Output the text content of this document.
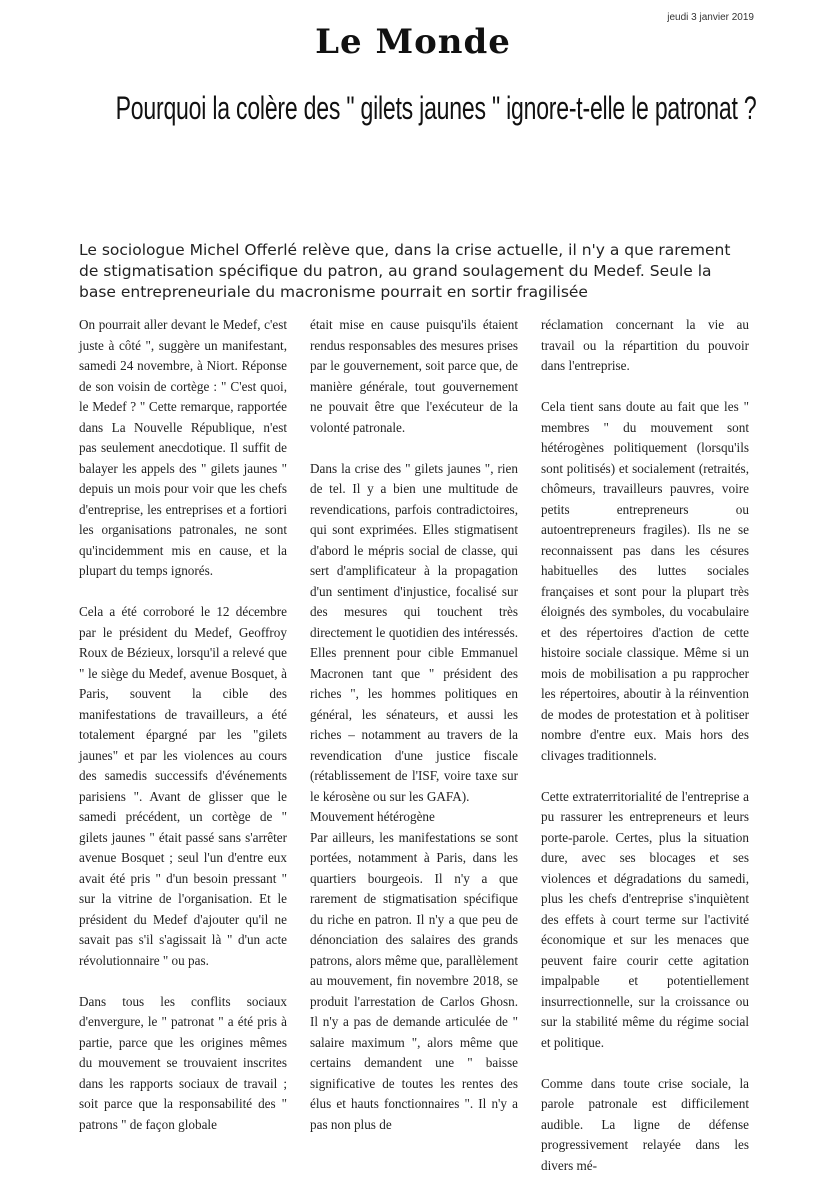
jeudi 3 janvier 2019
Le Monde
Pourquoi la colère des " gilets jaunes " ignore-t-elle le patronat ?
Le sociologue Michel Offerlé relève que, dans la crise actuelle, il n'y a que rarement de stigmatisation spécifique du patron, au grand soulagement du Medef. Seule la base entrepreneuriale du macronisme pourrait en sortir fragilisée

On pourrait aller devant le Medef, c'est juste à côté ", suggère un manifestant, samedi 24 novembre, à Niort. Réponse de son voisin de cortège : " C'est quoi, le Medef ? " Cette remarque, rapportée dans La Nouvelle République, n'est pas seulement anecdotique. Il suffit de balayer les appels des " gilets jaunes " depuis un mois pour voir que les chefs d'entreprise, les entreprises et a fortiori les organisations patronales, ne sont qu'incidemment mis en cause, et la plupart du temps ignorés.

Cela a été corroboré le 12 décembre par le président du Medef, Geoffroy Roux de Bézieux, lorsqu'il a relevé que " le siège du Medef, avenue Bosquet, à Paris, souvent la cible des manifestations de travailleurs, a été totalement épargné par les "gilets jaunes" et par les violences au cours des samedis successifs d'événements parisiens ". Avant de glisser que le samedi précédent, un cortège de " gilets jaunes " était passé sans s'arrêter avenue Bosquet ; seul l'un d'entre eux avait été pris " d'un besoin pressant " sur la vitrine de l'organisation. Et le président du Medef d'ajouter qu'il ne savait pas s'il s'agissait là " d'un acte révolutionnaire " ou pas.

Dans tous les conflits sociaux d'envergure, le " patronat " a été pris à partie, parce que les origines mêmes du mouvement se trouvaient inscrites dans les rapports sociaux de travail ; soit parce que la responsabilité des " patrons " de façon globale

était mise en cause puisqu'ils étaient rendus responsables des mesures prises par le gouvernement, soit parce que, de manière générale, tout gouvernement ne pouvait être que l'exécuteur de la volonté patronale.

Dans la crise des " gilets jaunes ", rien de tel. Il y a bien une multitude de revendications, parfois contradictoires, qui sont exprimées. Elles stigmatisent d'abord le mépris social de classe, qui sert d'amplificateur à la propagation d'un sentiment d'injustice, focalisé sur des mesures qui touchent très directement le quotidien des intéressés. Elles prennent pour cible Emmanuel Macronen tant que " président des riches ", les hommes politiques en général, les sénateurs, et aussi les riches – notamment au travers de la revendication d'une justice fiscale (rétablissement de l'ISF, voire taxe sur le kérosène ou sur les GAFA).

Mouvement hétérogène

Par ailleurs, les manifestations se sont portées, notamment à Paris, dans les quartiers bourgeois. Il n'y a que rarement de stigmatisation spécifique du riche en patron. Il n'y a que peu de dénonciation des salaires des grands patrons, alors même que, parallèlement au mouvement, fin novembre 2018, se produit l'arrestation de Carlos Ghosn. Il n'y a pas de demande articulée de " salaire maximum ", alors même que certains demandent une " baisse significative de toutes les rentes des élus et hauts fonctionnaires ". Il n'y a pas non plus de

réclamation concernant la vie au travail ou la répartition du pouvoir dans l'entreprise.

Cela tient sans doute au fait que les " membres " du mouvement sont hétérogènes politiquement (lorsqu'ils sont politisés) et socialement (retraités, chômeurs, travailleurs pauvres, voire petits entrepreneurs ou autoentrepreneurs fragiles). Ils ne se reconnaissent pas dans les césures habituelles des luttes sociales françaises et sont pour la plupart très éloignés des symboles, du vocabulaire et des répertoires d'action de cette histoire sociale classique. Même si un mois de mobilisation a pu rapprocher les répertoires, aboutir à la réinvention de modes de protestation et à politiser nombre d'entre eux. Mais hors des clivages traditionnels.

Cette extraterritorialité de l'entreprise a pu rassurer les entrepreneurs et leurs porte-parole. Certes, plus la situation dure, avec ses blocages et ses violences et dégradations du samedi, plus les chefs d'entreprise s'inquiètent des effets à court terme sur l'activité économique et sur les menaces que peuvent faire courir cette agitation impalpable et potentiellement insurrectionnelle, sur la croissance ou sur la stabilité même du régime social et politique.

Comme dans toute crise sociale, la parole patronale est difficilement audible. La ligne de défense progressivement relayée dans les divers mé-
